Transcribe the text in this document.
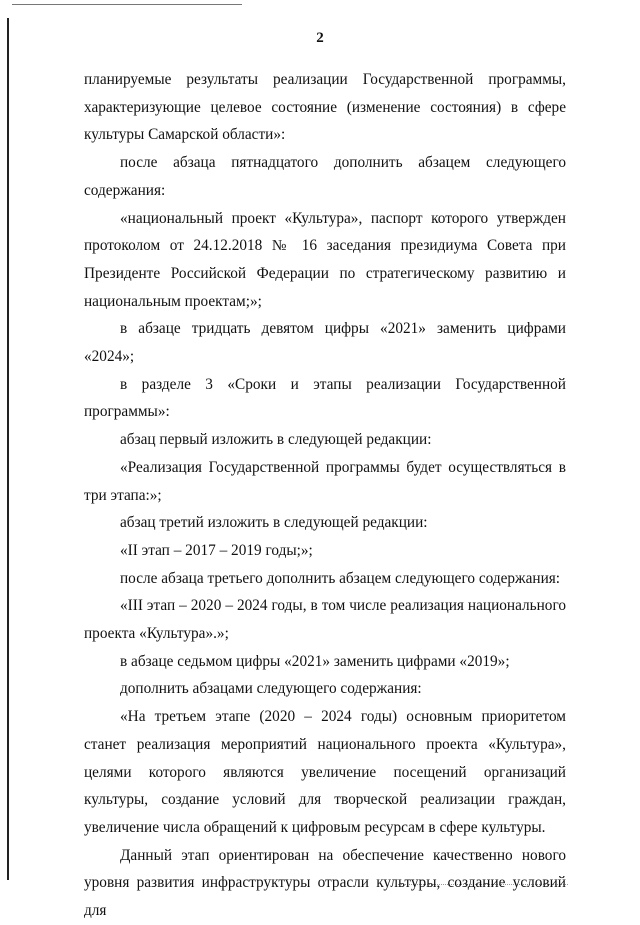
2

планируемые результаты реализации Государственной программы, характеризующие целевое состояние (изменение состояния) в сфере культуры Самарской области»:

после абзаца пятнадцатого дополнить абзацем следующего содержания:

«национальный проект «Культура», паспорт которого утвержден протоколом от 24.12.2018 № 16 заседания президиума Совета при Президенте Российской Федерации по стратегическому развитию и национальным проектам;»;

в абзаце тридцать девятом цифры «2021» заменить цифрами «2024»;

в разделе 3 «Сроки и этапы реализации Государственной программы»:

абзац первый изложить в следующей редакции:

«Реализация Государственной программы будет осуществляться в три этапа:»;

абзац третий изложить в следующей редакции:

«II этап – 2017 – 2019 годы;»;

после абзаца третьего дополнить абзацем следующего содержания:

«III этап – 2020 – 2024 годы, в том числе реализация национального проекта «Культура».»;

в абзаце седьмом цифры «2021» заменить цифрами «2019»;

дополнить абзацами следующего содержания:

«На третьем этапе (2020 – 2024 годы) основным приоритетом станет реализация мероприятий национального проекта «Культура», целями которого являются увеличение посещений организаций культуры, создание условий для творческой реализации граждан, увеличение числа обращений к цифровым ресурсам в сфере культуры.

Данный этап ориентирован на обеспечение качественно нового уровня развития инфраструктуры отрасли культуры, создание условий для
